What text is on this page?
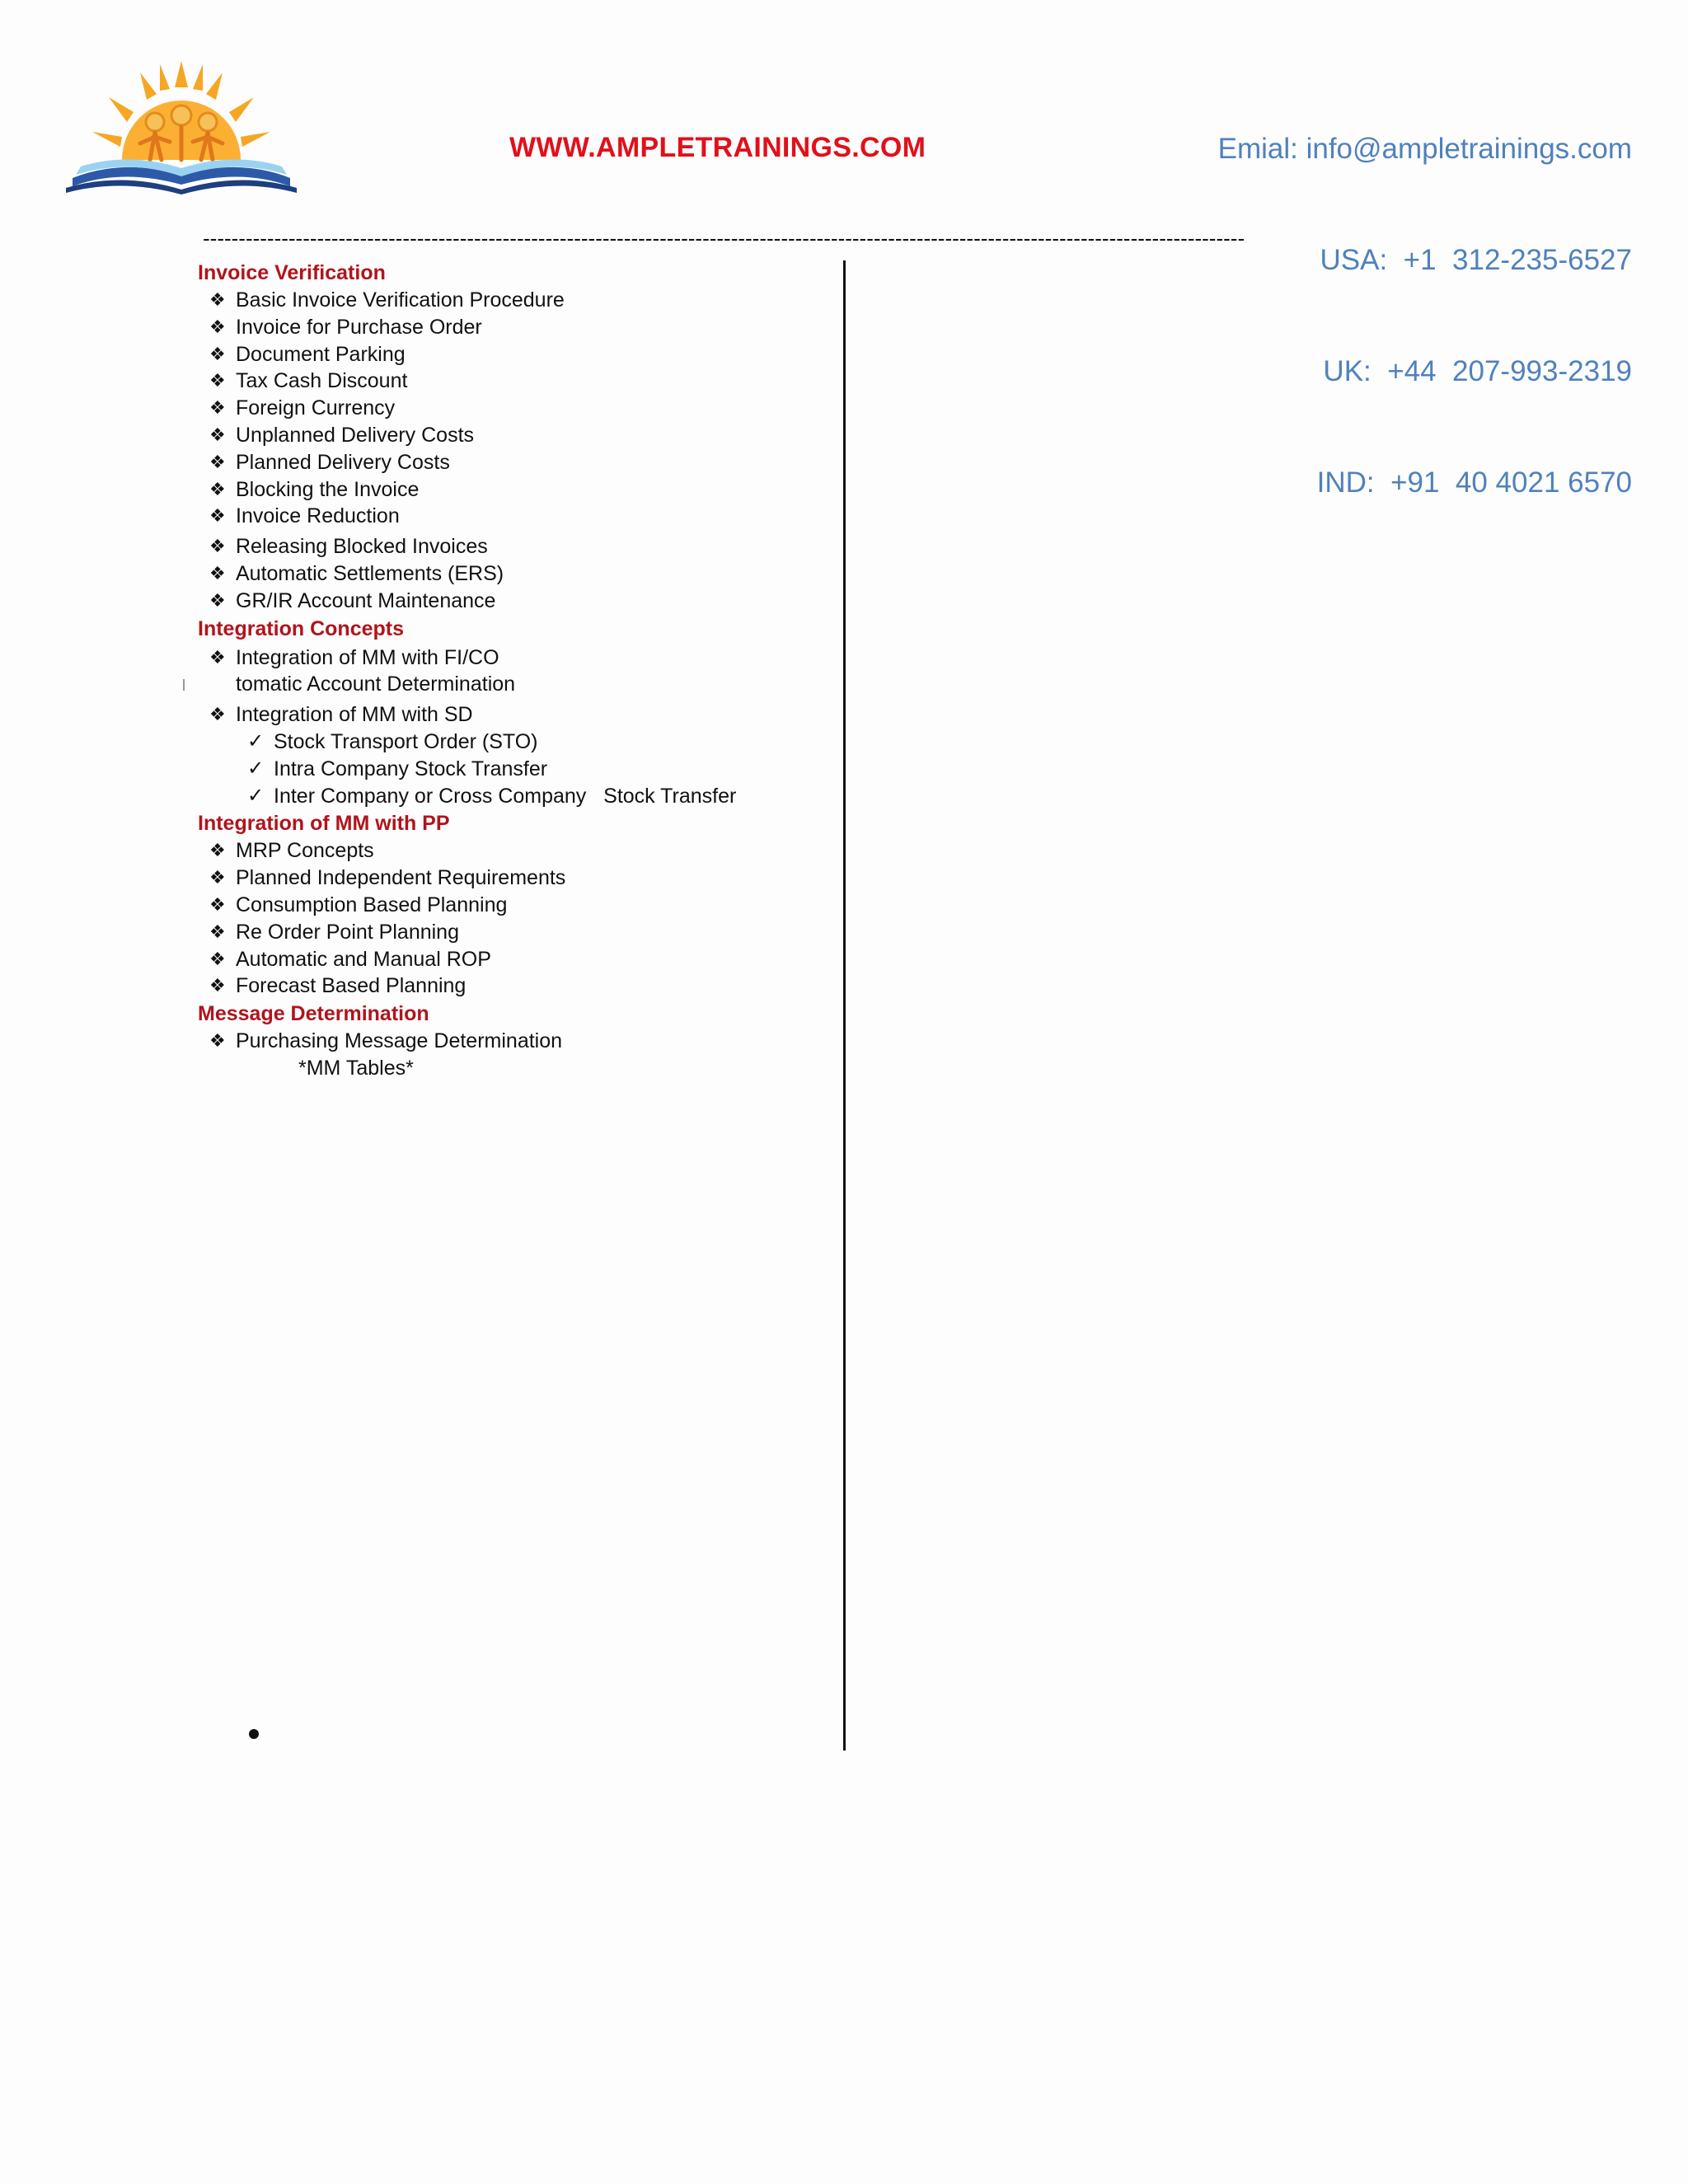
WWW.AMPLETRAININGS.COM

	Emial: info@ampletrainings.com

USA:  +1  312-235-6527

UK:  +44  207-993-2319

IND:  +91  40 4021 6570

--------------------------------------------------------------------------------------------------------------------------------------------------
Invoice Verification
❖ Basic Invoice Verification Procedure
❖ Invoice for Purchase Order
❖ Document Parking
❖ Tax Cash Discount
❖ Foreign Currency
❖ Unplanned Delivery Costs
❖ Planned Delivery Costs
❖ Blocking the Invoice
❖ Invoice Reduction
❖ Releasing Blocked Invoices
❖ Automatic Settlements (ERS)
❖ GR/IR Account Maintenance
Integration Concepts
❖ Integration of MM with FI/CO
tomatic Account Determination
❖ Integration of MM with SD
✓ Stock Transport Order (STO)
✓ Intra Company Stock Transfer
✓ Inter Company or Cross Company   Stock Transfer
Integration of MM with PP
❖ MRP Concepts
❖ Planned Independent Requirements
❖ Consumption Based Planning
❖ Re Order Point Planning
❖ Automatic and Manual ROP
❖ Forecast Based Planning
Message Determination
❖ Purchasing Message Determination
*MM Tables*
